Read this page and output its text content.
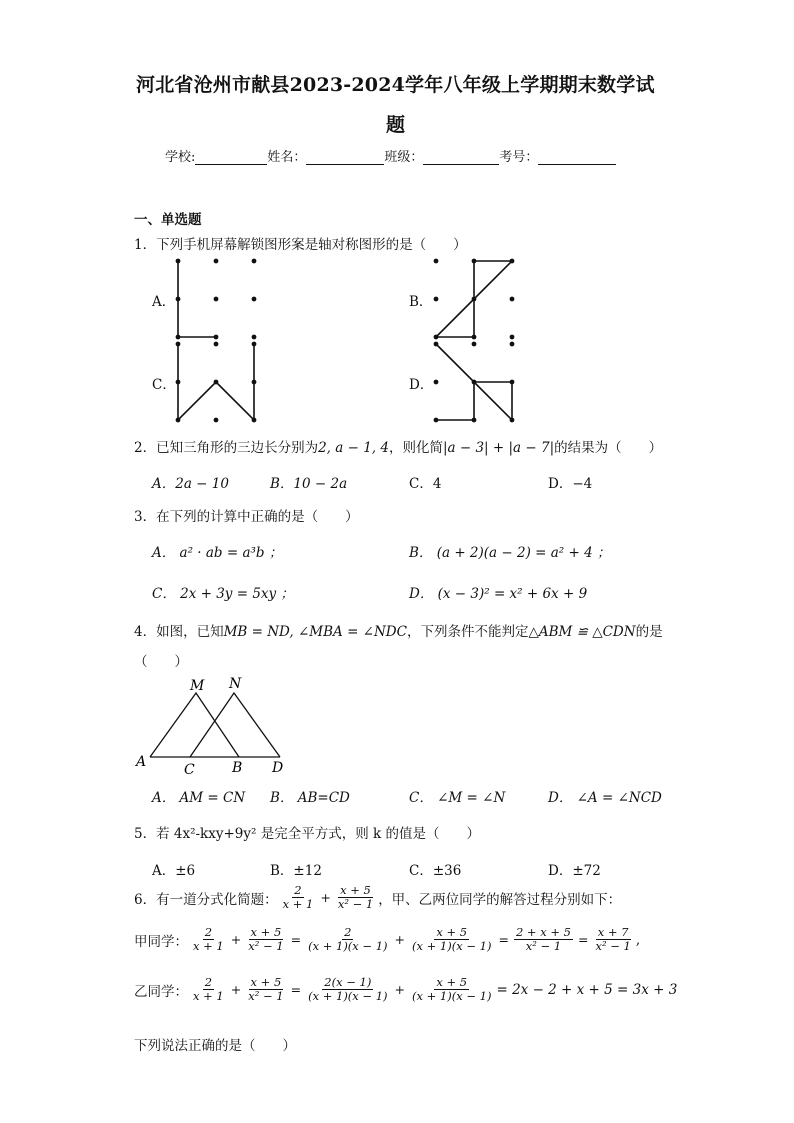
河北省沧州市献县2023-2024学年八年级上学期期末数学试
题
学校:	姓名：	班级：	考号：
一、单选题
1．下列手机屏幕解锁图形案是轴对称图形的是（　　）
A．	B．
C．	D．
2．已知三角形的三边长分别为2, a − 1, 4，则化简|a − 3| + |a − 7|的结果为（　　）
A．2a − 10	B．10 − 2a	C．4	D．−4
3．在下列的计算中正确的是（　　）
A． a² · ab = a³b ；	B． (a + 2)(a − 2) = a² + 4 ；
C． 2x + 3y = 5xy ；	D． (x − 3)² = x² + 6x + 9
4．如图，已知MB = ND, ∠MBA = ∠NDC，下列条件不能判定△ABM ≌ △CDN的是
（　　）
M N
A	C	B D
A． AM = CN B． AB=CD	C． ∠M = ∠N	D． ∠A = ∠NCD
5．若 4x²-kxy+9y² 是完全平方式，则 k 的值是（　　）
A．±6	B．±12	C．±36	D．±72
6．有一道分式化简题： $\frac{2}{x + 1} + \frac{x + 5}{\text{x² − 1}}$ ，甲、乙两位同学的解答过程分别如下：
甲同学： $\frac{2}{x + 1} + \frac{x + 5}{\text{x² − 1}} = \frac{2}{(x + 1)(x - 1)} + \frac{x + 5}{(x + 1)(x - 1)} = \frac{2 + x + 5}{\text{x² − 1}} = \frac{x + 7}{\text{x² − 1}}$ ,
乙同学： $\frac{2}{x + 1} + \frac{x + 5}{\text{x² − 1}} = \frac{2(x - 1)}{(x + 1)(x - 1)} + \frac{x + 5}{(x + 1)(x - 1)} = 2x - 2 + x + 5 = 3x + 3$
下列说法正确的是（　　）
